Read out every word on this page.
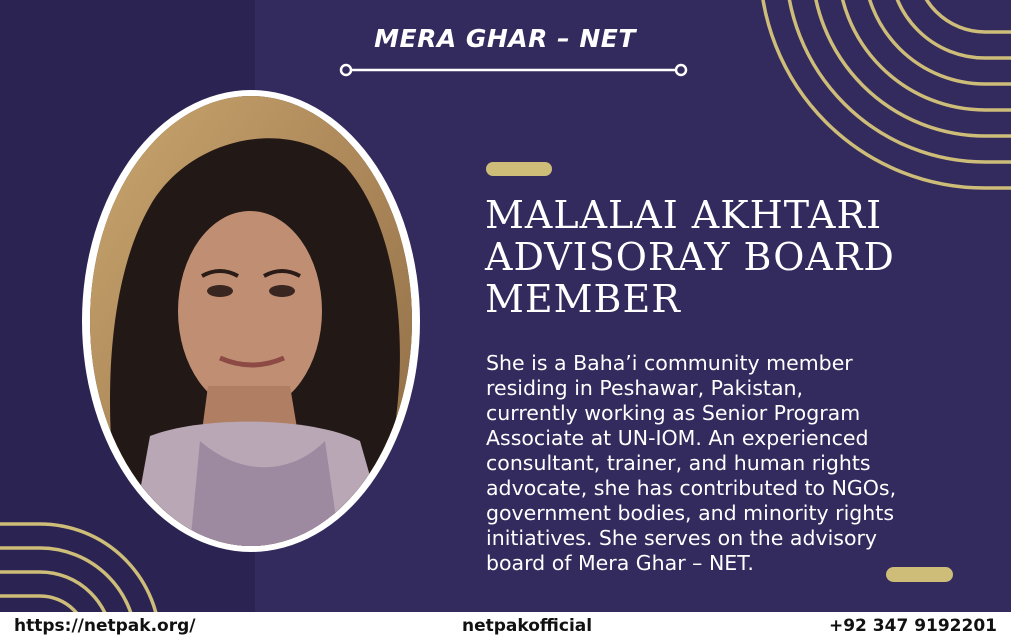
MERA GHAR – NET
MALALAI AKHTARI
ADVISORAY BOARD
MEMBER
She is a Baha’i community member
residing in Peshawar, Pakistan,
currently working as Senior Program
Associate at UN-IOM. An experienced
consultant, trainer, and human rights
advocate, she has contributed to NGOs,
government bodies, and minority rights
initiatives. She serves on the advisory
board of Mera Ghar – NET.
https://netpak.org/	netpakofficial	+92 347 9192201
